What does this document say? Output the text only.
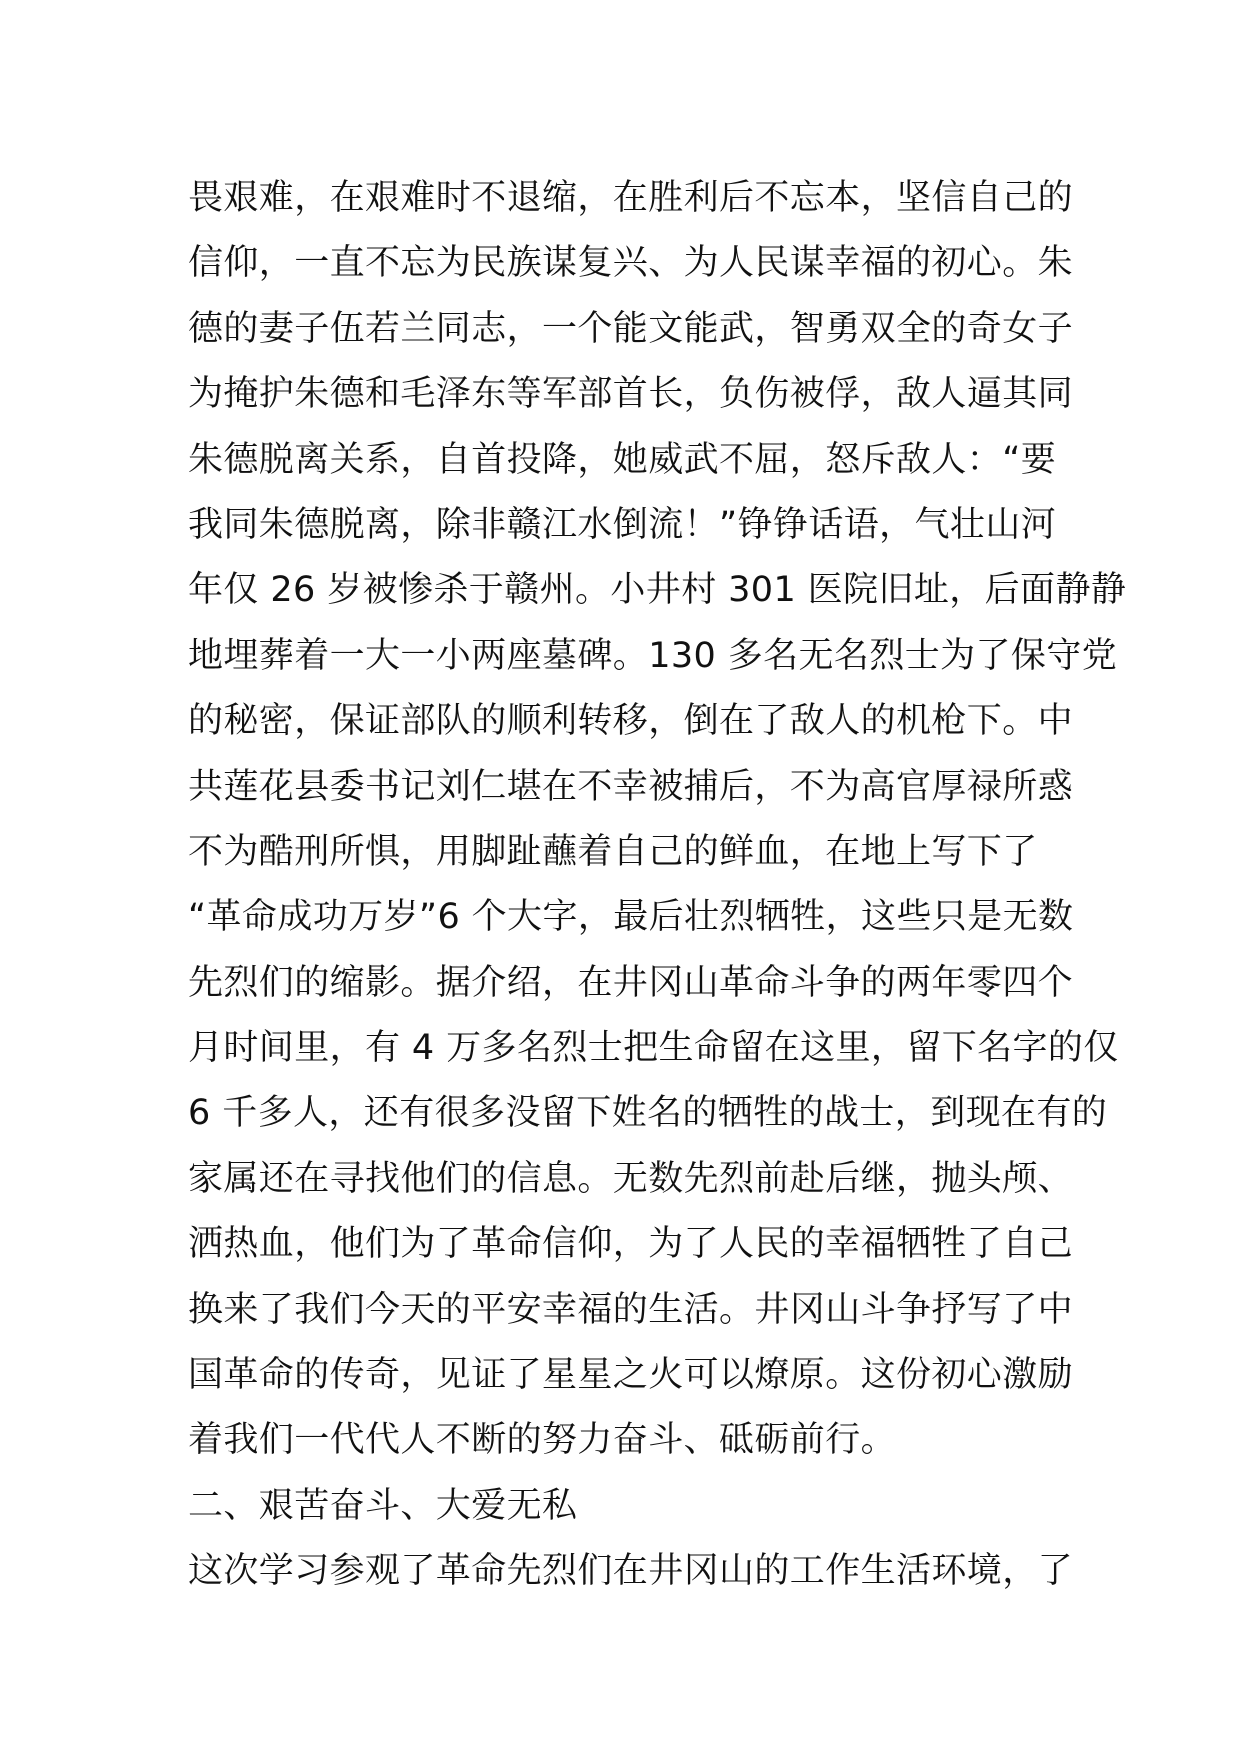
畏艰难，在艰难时不退缩，在胜利后不忘本，坚信自己的
信仰，一直不忘为民族谋复兴、为人民谋幸福的初心。朱
德的妻子伍若兰同志，一个能文能武，智勇双全的奇女子
为掩护朱德和毛泽东等军部首长，负伤被俘，敌人逼其同
朱德脱离关系，自首投降，她威武不屈，怒斥敌人：“要
我同朱德脱离，除非赣江水倒流！”铮铮话语，气壮山河
年仅 26 岁被惨杀于赣州。小井村 301 医院旧址，后面静静
地埋葬着一大一小两座墓碑。130 多名无名烈士为了保守党
的秘密，保证部队的顺利转移，倒在了敌人的机枪下。中
共莲花县委书记刘仁堪在不幸被捕后，不为高官厚禄所惑
不为酷刑所惧，用脚趾蘸着自己的鲜血，在地上写下了
“革命成功万岁”6 个大字，最后壮烈牺牲，这些只是无数
先烈们的缩影。据介绍，在井冈山革命斗争的两年零四个
月时间里，有 4 万多名烈士把生命留在这里，留下名字的仅
6 千多人，还有很多没留下姓名的牺牲的战士，到现在有的
家属还在寻找他们的信息。无数先烈前赴后继，抛头颅、
洒热血，他们为了革命信仰，为了人民的幸福牺牲了自己
换来了我们今天的平安幸福的生活。井冈山斗争抒写了中
国革命的传奇，见证了星星之火可以燎原。这份初心激励
着我们一代代人不断的努力奋斗、砥砺前行。
二、艰苦奋斗、大爱无私
这次学习参观了革命先烈们在井冈山的工作生活环境，了
